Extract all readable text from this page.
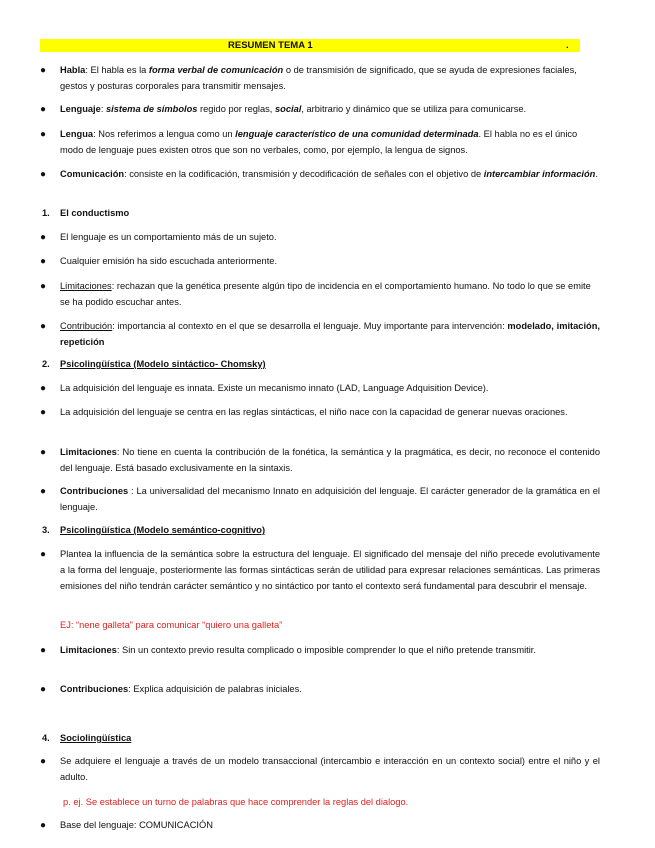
RESUMEN TEMA 1	.
● Habla: El habla es la forma verbal de comunicación o de transmisión de significado, que se ayuda de expresiones faciales, gestos y posturas corporales para transmitir mensajes.
● Lenguaje: sistema de símbolos regido por reglas, social, arbitrario y dinámico que se utiliza para comunicarse.
● Lengua: Nos referimos a lengua como un lenguaje característico de una comunidad determinada. El habla no es el único modo de lenguaje pues existen otros que son no verbales, como, por ejemplo, la lengua de signos.
● Comunicación: consiste en la codificación, transmisión y decodificación de señales con el objetivo de intercambiar información.
1. El conductismo
● El lenguaje es un comportamiento más de un sujeto.
● Cualquier emisión ha sido escuchada anteriormente.
● Limitaciones: rechazan que la genética presente algún tipo de incidencia en el comportamiento humano. No todo lo que se emite se ha podido escuchar antes.
● Contribución: importancia al contexto en el que se desarrolla el lenguaje. Muy importante para intervención: modelado, imitación, repetición
2. Psicolingüística (Modelo sintáctico- Chomsky)
● La adquisición del lenguaje es innata. Existe un mecanismo innato (LAD, Language Adquisition Device).
● La adquisición del lenguaje se centra en las reglas sintácticas, el niño nace con la capacidad de generar nuevas oraciones.
● Limitaciones: No tiene en cuenta la contribución de la fonética, la semántica y la pragmática, es decir, no reconoce el contenido del lenguaje. Está basado exclusivamente en la sintaxis.
● Contribuciones : La universalidad del mecanismo Innato en adquisición del lenguaje. El carácter generador de la gramática en el lenguaje.
3. Psicolingüística (Modelo semántico-cognitivo)
● Plantea la influencia de la semántica sobre la estructura del lenguaje. El significado del mensaje del niño precede evolutivamente a la forma del lenguaje, posteriormente las formas sintácticas serán de utilidad para expresar relaciones semánticas. Las primeras emisiones del niño tendrán carácter semántico y no sintáctico por tanto el contexto será fundamental para descubrir el mensaje.
EJ: “nene galleta” para comunicar “quiero una galleta”
● Limitaciones: Sin un contexto previo resulta complicado o imposible comprender lo que el niño pretende transmitir.
● Contribuciones: Explica adquisición de palabras iniciales.
4. Sociolingüística
● Se adquiere el lenguaje a través de un modelo transaccional (intercambio e interacción en un contexto social) entre el niño y el adulto.
p. ej. Se establece un turno de palabras que hace comprender la reglas del dialogo.
● Base del lenguaje: COMUNICACIÓN
